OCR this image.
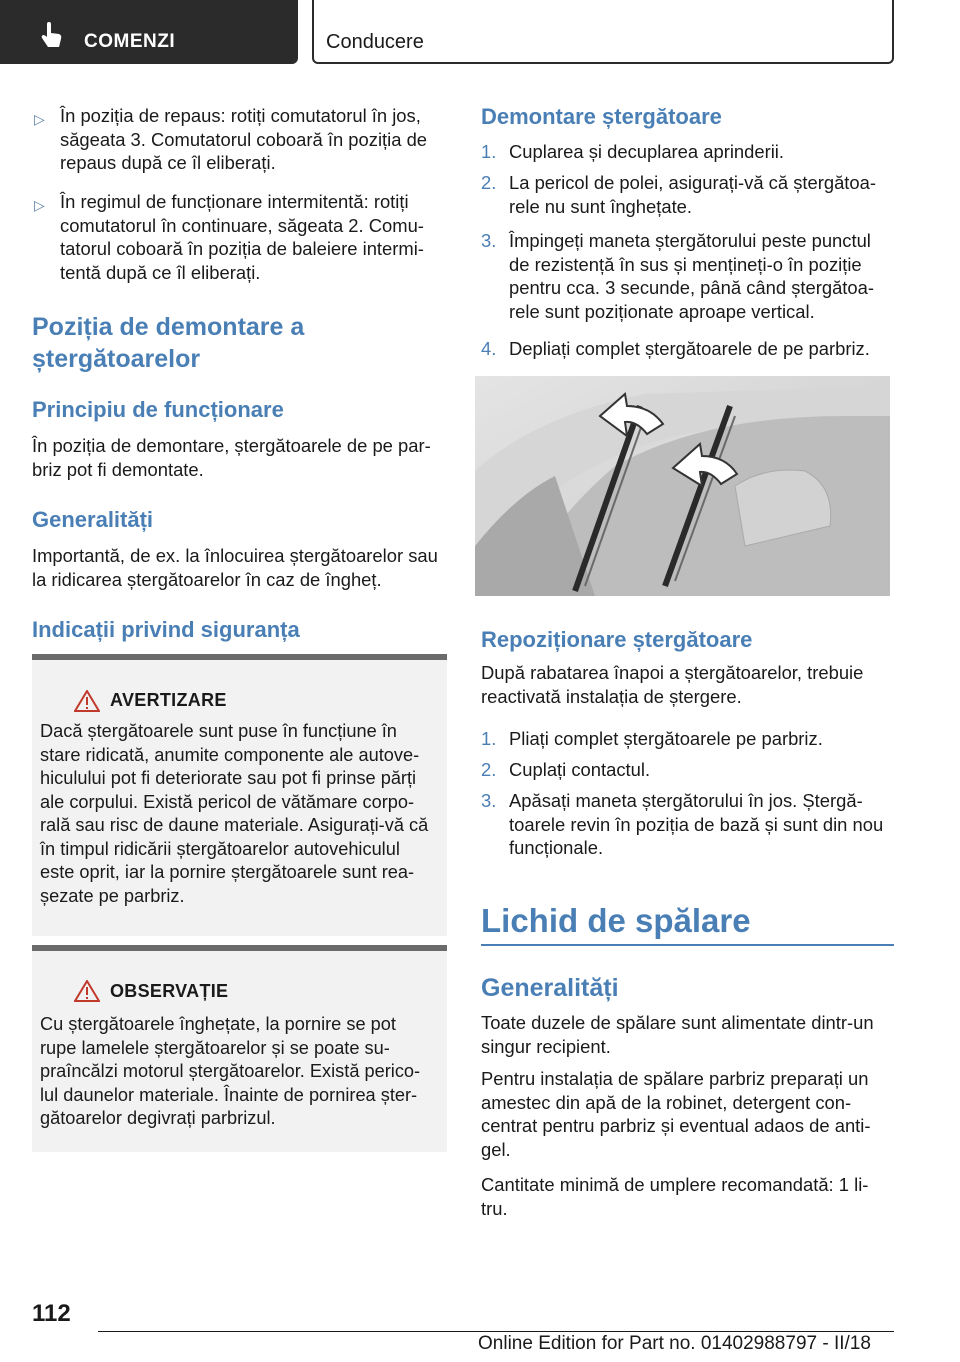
COMENZI	Conducere
▷ În poziția de repaus: rotiți comutatorul în jos,
săgeata 3. Comutatorul coboară în poziția de
repaus după ce îl eliberați.
▷ În regimul de funcționare intermitentă: rotiți
comutatorul în continuare, săgeata 2. Comu-
tatorul coboară în poziția de baleiere intermi-
tentă după ce îl eliberați.
Poziția de demontare a
ștergătoarelor
Principiu de funcționare
În poziția de demontare, ștergătoarele de pe par-
briz pot fi demontate.
Generalități
Importantă, de ex. la înlocuirea ștergătoarelor sau
la ridicarea ștergătoarelor în caz de îngheț.
Indicații privind siguranța
AVERTIZARE
Dacă ștergătoarele sunt puse în funcțiune în
stare ridicată, anumite componente ale autove-
hiculului pot fi deteriorate sau pot fi prinse părți
ale corpului. Există pericol de vătămare corpo-
rală sau risc de daune materiale. Asigurați-vă că
în timpul ridicării ștergătoarelor autovehiculul
este oprit, iar la pornire ștergătoarele sunt rea-
șezate pe parbriz.
OBSERVAȚIE
Cu ștergătoarele înghețate, la pornire se pot
rupe lamelele ștergătoarelor și se poate su-
praîncălzi motorul ștergătoarelor. Există perico-
lul daunelor materiale. Înainte de pornirea șter-
gătoarelor degivrați parbrizul.
Demontare ștergătoare
1. Cuplarea și decuplarea aprinderii.
2. La pericol de polei, asigurați-vă că ștergătoa-
rele nu sunt înghețate.
3. Împingeți maneta ștergătorului peste punctul
de rezistență în sus și mențineți-o în poziție
pentru cca. 3 secunde, până când ștergătoa-
rele sunt poziționate aproape vertical.
4. Depliați complet ștergătoarele de pe parbriz.
Repoziționare ștergătoare
După rabatarea înapoi a ștergătoarelor, trebuie
reactivată instalația de ștergere.
1. Pliați complet ștergătoarele pe parbriz.
2. Cuplați contactul.
3. Apăsați maneta ștergătorului în jos. Ștergă-
toarele revin în poziția de bază și sunt din nou
funcționale.
Lichid de spălare
Generalități
Toate duzele de spălare sunt alimentate dintr-un
singur recipient.
Pentru instalația de spălare parbriz preparați un
amestec din apă de la robinet, detergent con-
centrat pentru parbriz și eventual adaos de anti-
gel.
Cantitate minimă de umplere recomandată: 1 li-
tru.
112
Online Edition for Part no. 01402988797 - II/18
